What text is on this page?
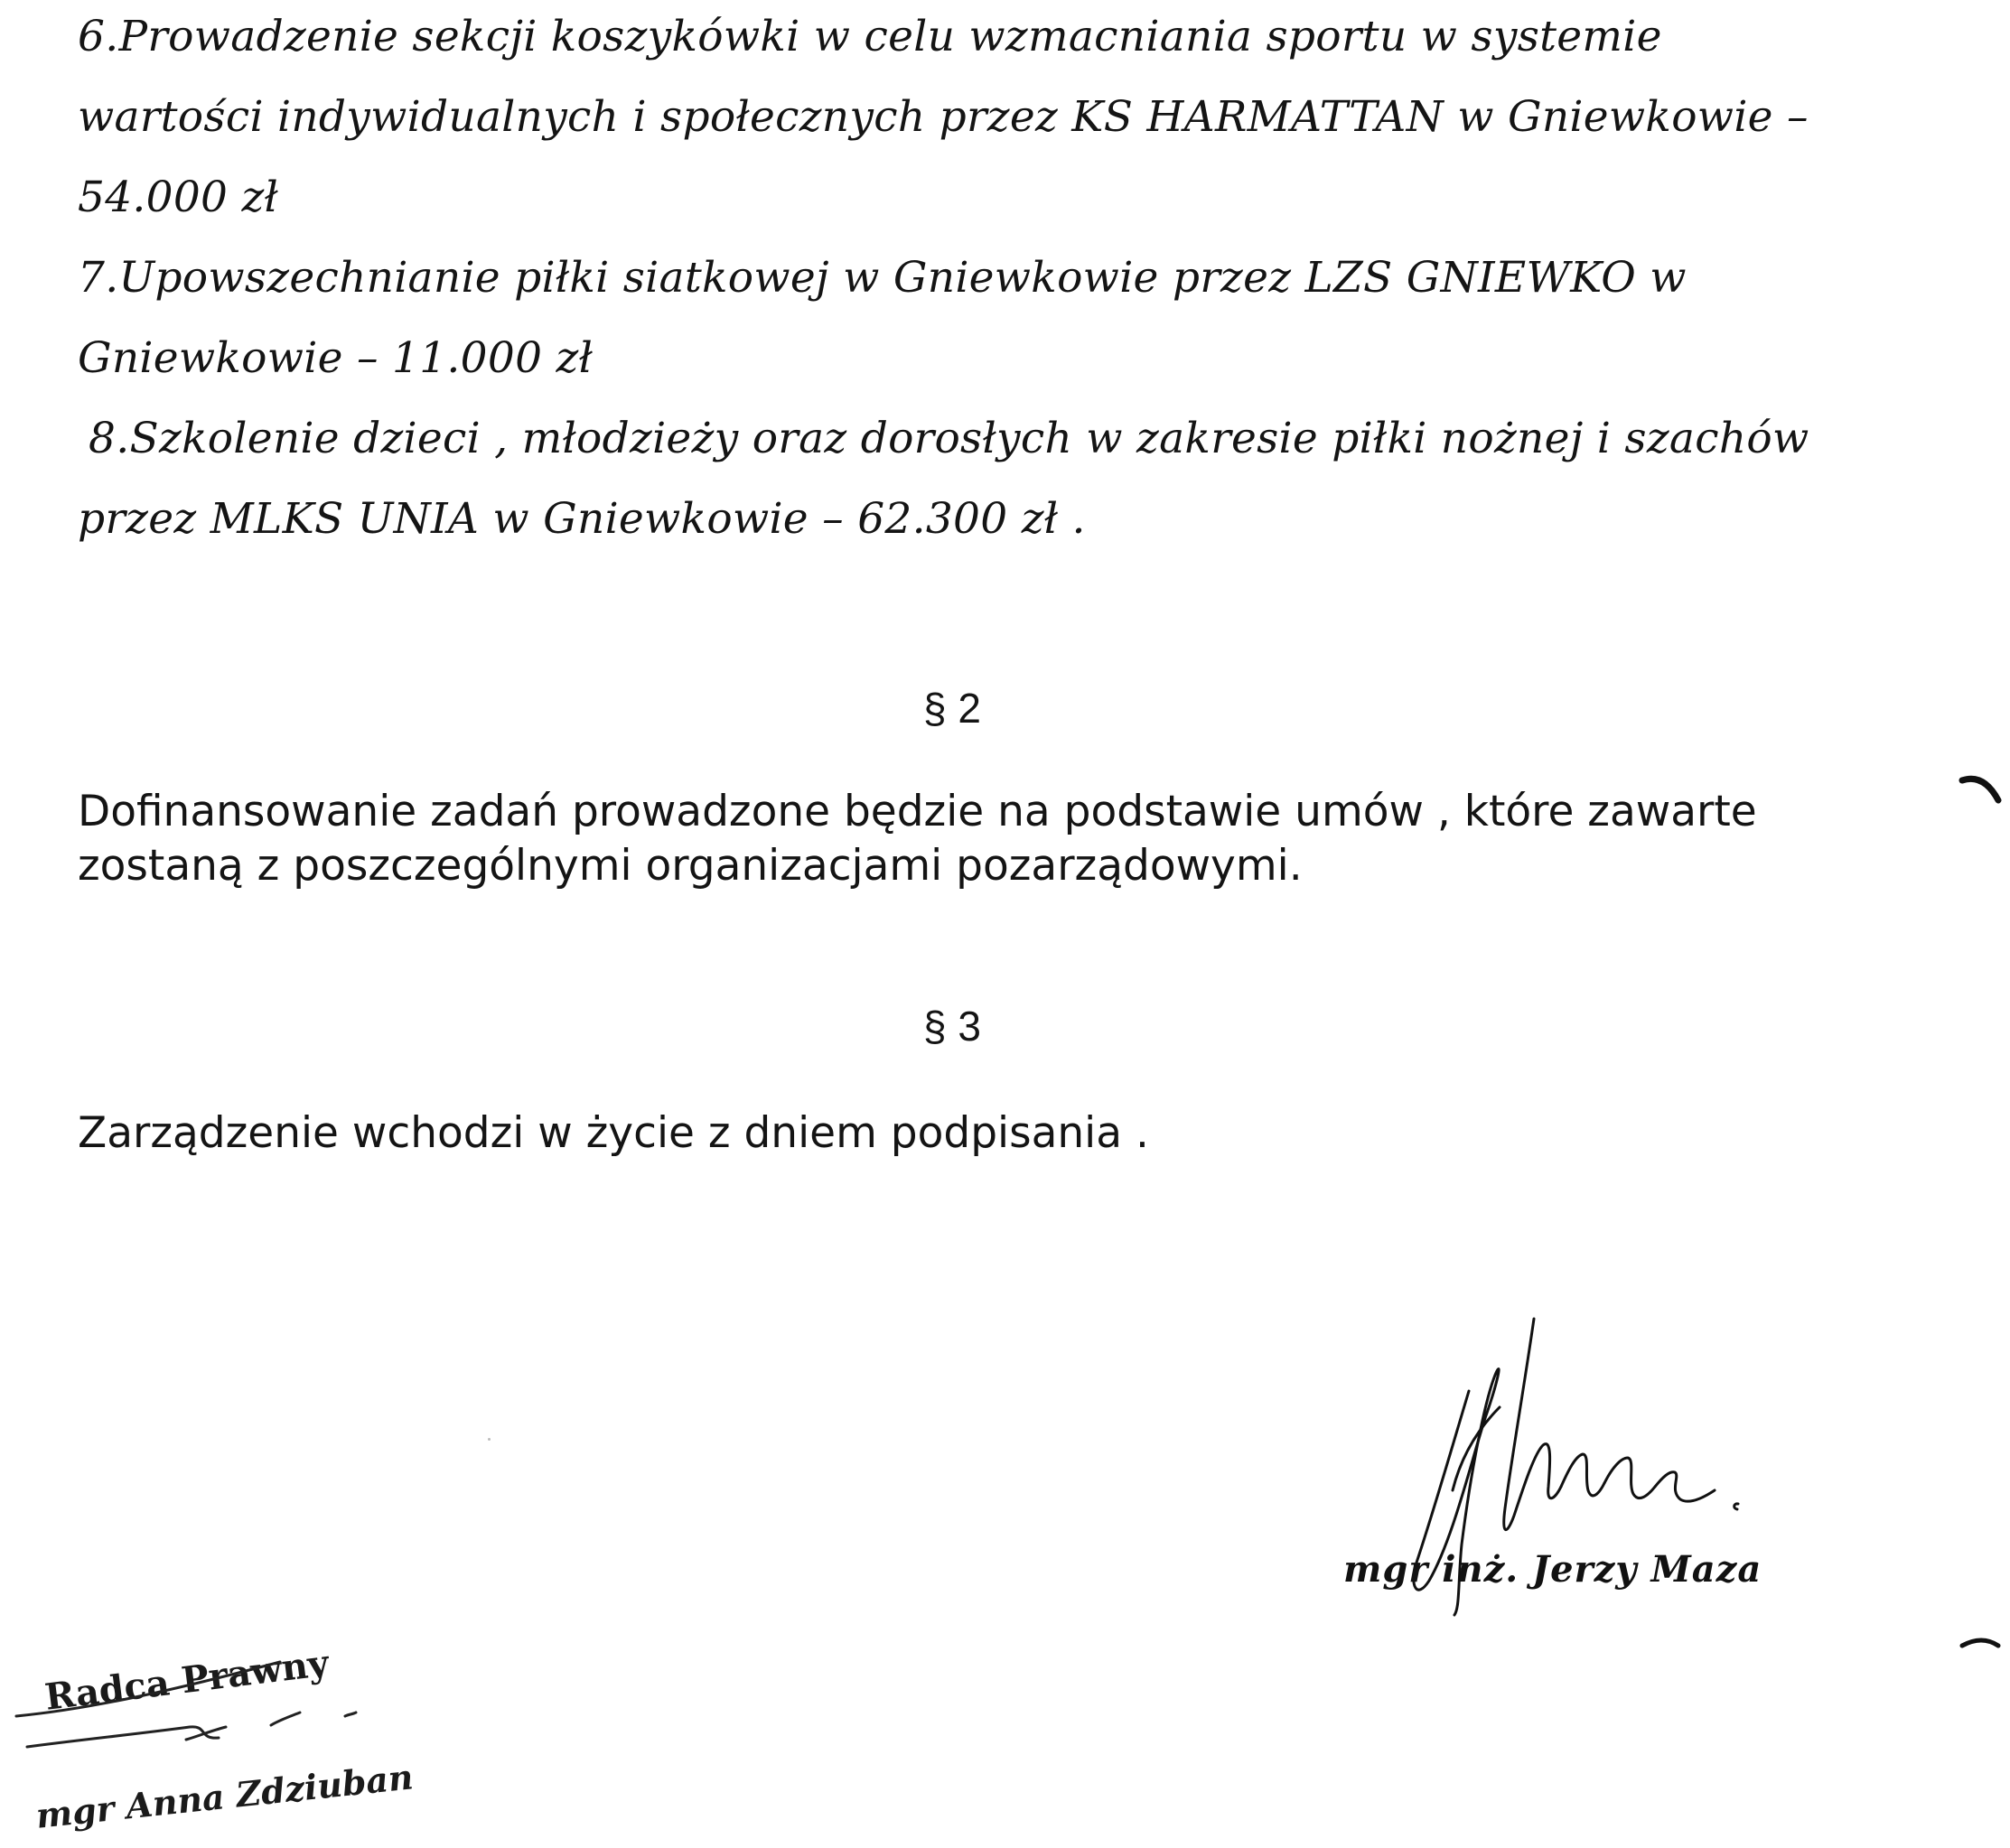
6.Prowadzenie sekcji koszykówki w celu wzmacniania sportu w systemie
wartości indywidualnych i społecznych przez KS HARMATTAN w Gniewkowie –
54.000 zł
7.Upowszechnianie piłki siatkowej w Gniewkowie przez LZS GNIEWKO w
Gniewkowie – 11.000 zł
8.Szkolenie dzieci , młodzieży oraz dorosłych w zakresie piłki nożnej i szachów
przez MLKS UNIA w Gniewkowie – 62.300 zł .
§ 2
Dofinansowanie zadań prowadzone będzie na podstawie umów , które zawarte
zostaną z poszczególnymi organizacjami pozarządowymi.
§ 3
Zarządzenie wchodzi w życie z dniem podpisania .
mgr inż. Jerzy Maza
Radca Prawny
mgr Anna Zdziuban
